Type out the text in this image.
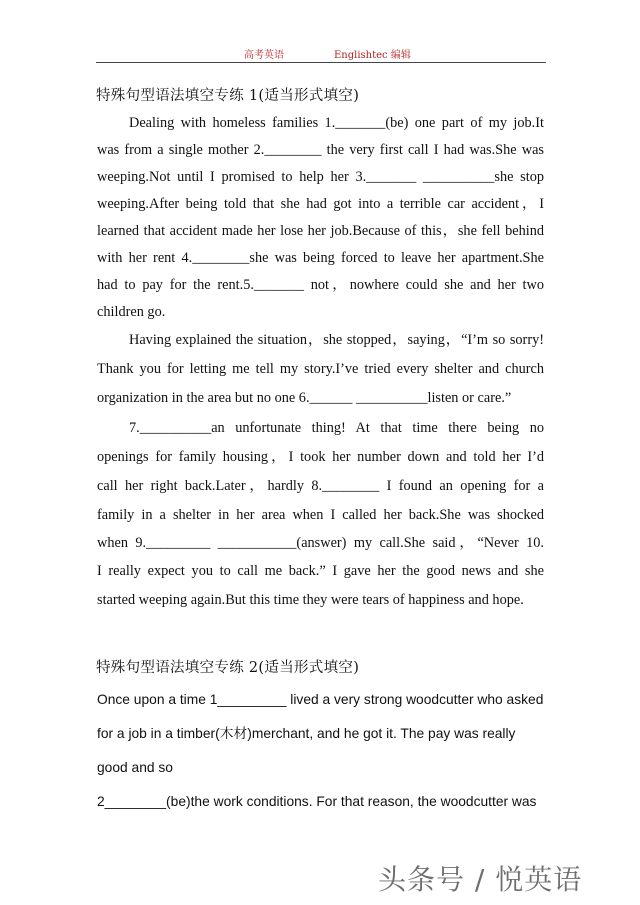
高考英语	Englishtec 编辑
特殊句型语法填空专练 1(适当形式填空)
Dealing with homeless families 1._______(be) one part of my job.It
was from a single mother 2.________ the very first call I had was.She was
weeping.Not until I promised to help her 3._______ __________she stop
weeping.After being told that she had got into a terrible car accident，I
learned that accident made her lose her job.Because of this，she fell behind
with her rent 4.________she was being forced to leave her apartment.She
had to pay for the rent.5._______ not，nowhere could she and her two
children go.
Having explained the situation，she stopped，saying，“I’m so sorry!
Thank you for letting me tell my story.I’ve tried every shelter and church
organization in the area but no one 6.______ __________listen or care.”
7.__________an unfortunate thing! At that time there being no
openings for family housing，I took her number down and told her I’d
call her right back.Later，hardly 8.________ I found an opening for a
family in a shelter in her area when I called her back.She was shocked
when 9._________ ___________(answer) my call.She said，“Never 10.
I really expect you to call me back.” I gave her the good news and she
started weeping again.But this time they were tears of happiness and hope.
特殊句型语法填空专练 2(适当形式填空)
Once upon a time 1_________ lived a very strong woodcutter who asked
for a job in a timber(木材)merchant, and he got it. The pay was really
good and so
2________(be)the work conditions. For that reason, the woodcutter was
头条号 / 悦英语
